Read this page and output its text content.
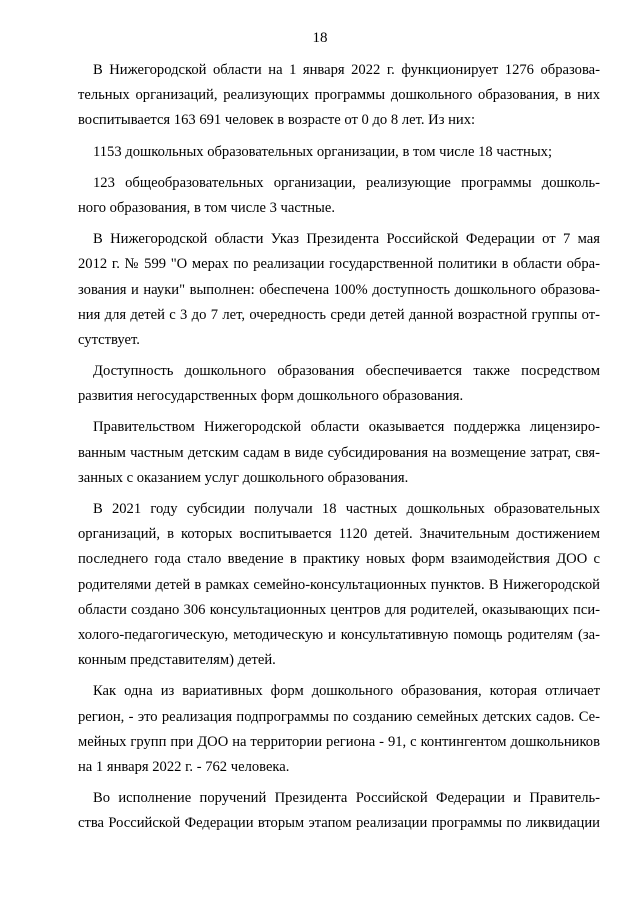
18
В Нижегородской области на 1 января 2022 г. функционирует 1276 образова-
тельных организаций, реализующих программы дошкольного образования, в них
воспитывается 163 691 человек в возрасте от 0 до 8 лет. Из них:
1153 дошкольных образовательных организации, в том числе 18 частных;
123 общеобразовательных организации, реализующие программы дошколь-
ного образования, в том числе 3 частные.
В Нижегородской области Указ Президента Российской Федерации от 7 мая
2012 г. № 599 "О мерах по реализации государственной политики в области обра-
зования и науки" выполнен: обеспечена 100% доступность дошкольного образова-
ния для детей с 3 до 7 лет, очередность среди детей данной возрастной группы от-
сутствует.
Доступность дошкольного образования обеспечивается также посредством
развития негосударственных форм дошкольного образования.
Правительством Нижегородской области оказывается поддержка лицензиро-
ванным частным детским садам в виде субсидирования на возмещение затрат, свя-
занных с оказанием услуг дошкольного образования.
В 2021 году субсидии получали 18 частных дошкольных образовательных
организаций, в которых воспитывается 1120 детей. Значительным достижением
последнего года стало введение в практику новых форм взаимодействия ДОО с
родителями детей в рамках семейно-консультационных пунктов. В Нижегородской
области создано 306 консультационных центров для родителей, оказывающих пси-
холого-педагогическую, методическую и консультативную помощь родителям (за-
конным представителям) детей.
Как одна из вариативных форм дошкольного образования, которая отличает
регион, - это реализация подпрограммы по созданию семейных детских садов. Се-
мейных групп при ДОО на территории региона - 91, с контингентом дошкольников
на 1 января 2022 г. - 762 человека.
Во исполнение поручений Президента Российской Федерации и Правитель-
ства Российской Федерации вторым этапом реализации программы по ликвидации
